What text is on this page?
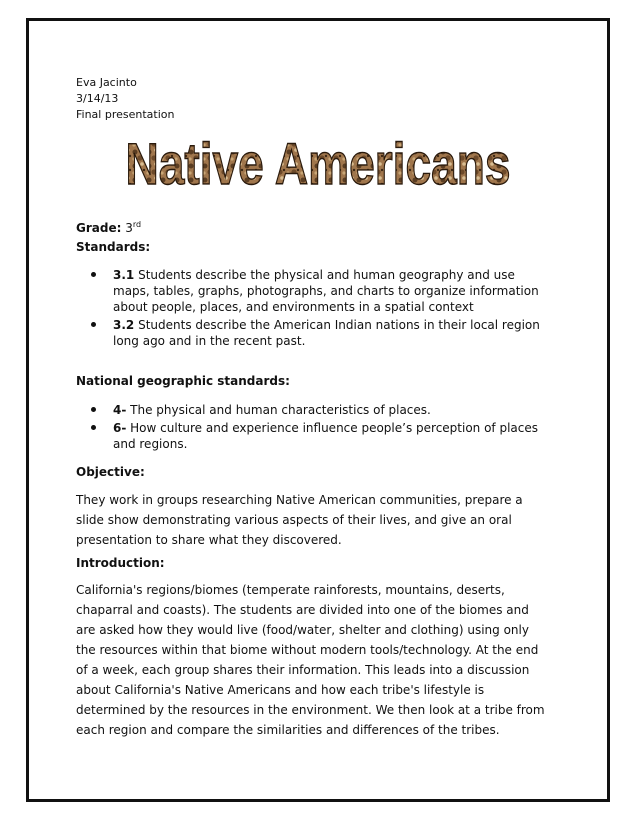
Eva Jacinto
3/14/13
Final presentation
Native Americans
Grade: 3rd
Standards:
3.1 Students describe the physical and human geography and use maps, tables, graphs, photographs, and charts to organize information about people, places, and environments in a spatial context
3.2 Students describe the American Indian nations in their local region long ago and in the recent past.
National geographic standards:
4- The physical and human characteristics of places.
6- How culture and experience influence people’s perception of places and regions.
Objective:
They work in groups researching Native American communities, prepare a slide show demonstrating various aspects of their lives, and give an oral presentation to share what they discovered.
Introduction:
California's regions/biomes (temperate rainforests, mountains, deserts, chaparral and coasts). The students are divided into one of the biomes and are asked how they would live (food/water, shelter and clothing) using only the resources within that biome without modern tools/technology. At the end of a week, each group shares their information. This leads into a discussion about California's Native Americans and how each tribe's lifestyle is determined by the resources in the environment. We then look at a tribe from each region and compare the similarities and differences of the tribes.
